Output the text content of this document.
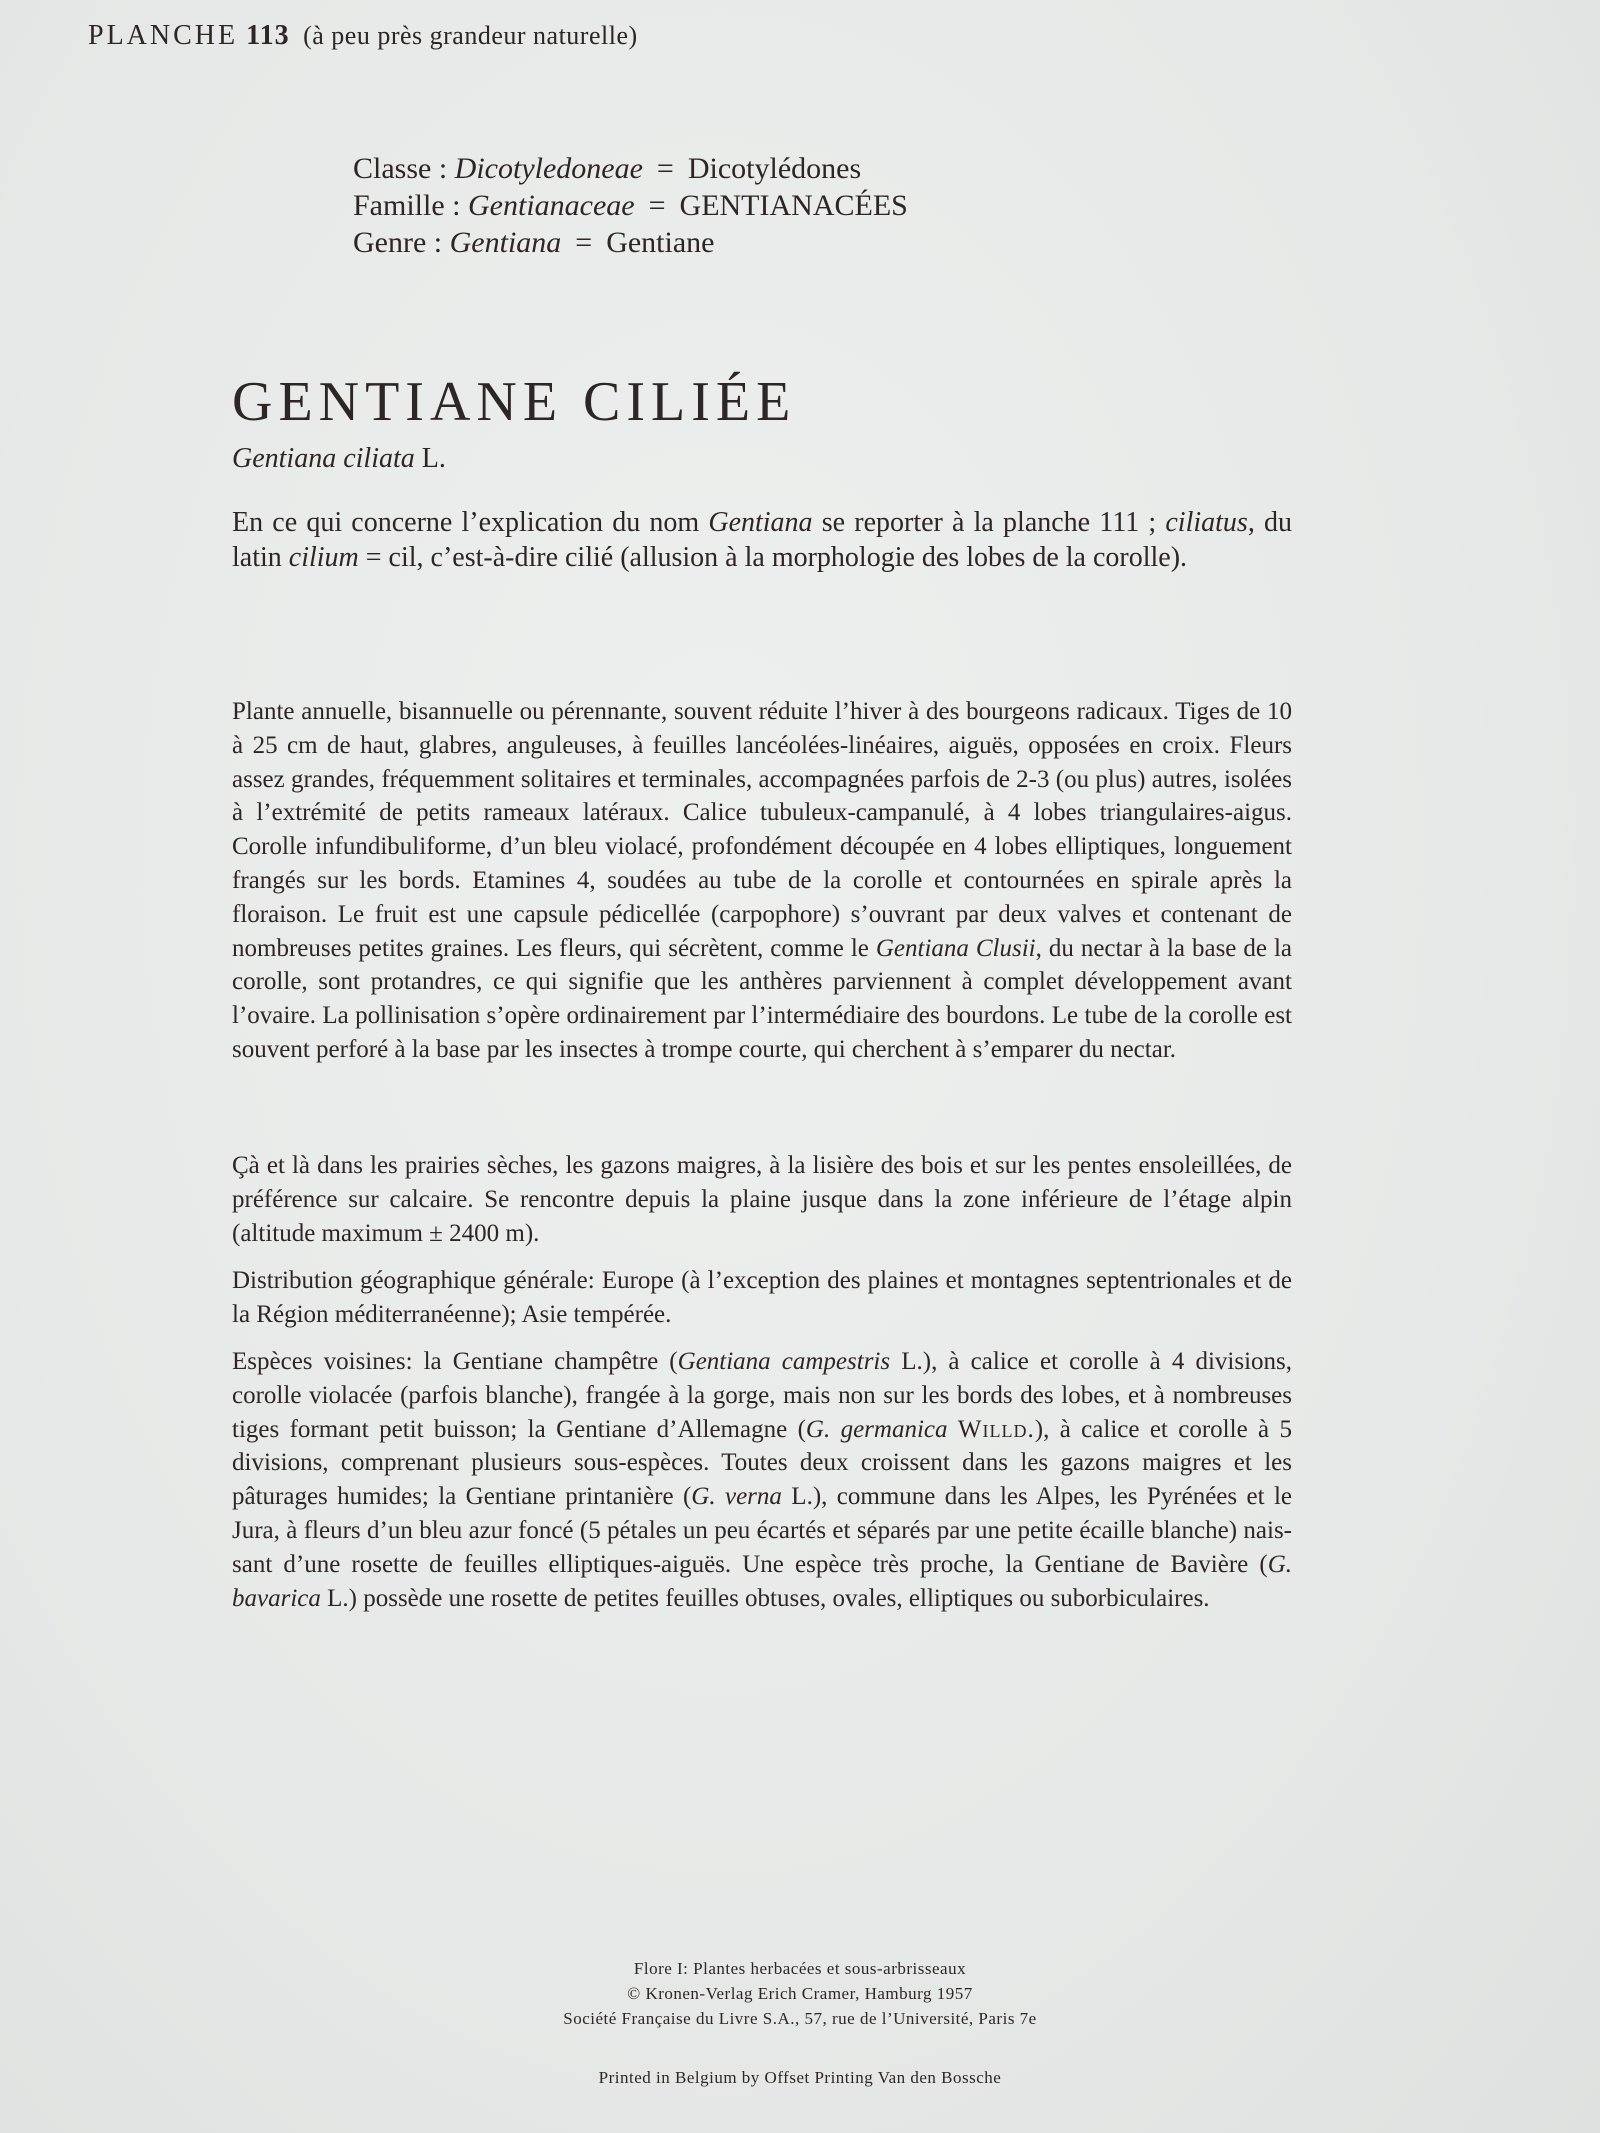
PLANCHE 113 (à peu près grandeur naturelle)
Classe : Dicotyledoneae = Dicotylédones
Famille : Gentianaceae = GENTIANACÉES
Genre : Gentiana = Gentiane
GENTIANE CILIÉE
Gentiana ciliata L.

En ce qui concerne l’explication du nom Gentiana se reporter à la planche 111 ; ciliatus, du latin cilium = cil, c’est-à-dire cilié (allusion à la morphologie des lobes de la corolle).

Plante annuelle, bisannuelle ou pérennante, souvent réduite l’hiver à des bourgeons radicaux. Tiges de 10 à 25 cm de haut, glabres, anguleuses, à feuilles lancéolées-linéaires, aiguës, opposées en croix. Fleurs assez grandes, fréquemment solitaires et terminales, accompagnées parfois de 2-3 (ou plus) autres, isolées à l’extrémité de petits rameaux latéraux. Calice tubuleux-campanulé, à 4 lobes triangulaires-aigus. Corolle infundibuliforme, d’un bleu violacé, profondément découpée en 4 lobes elliptiques, longuement frangés sur les bords. Etamines 4, soudées au tube de la corolle et contournées en spirale après la floraison. Le fruit est une capsule pédicellée (carpophore) s’ouvrant par deux valves et contenant de nombreuses petites graines. Les fleurs, qui sécrètent, comme le Gentiana Clusii, du nectar à la base de la corolle, sont protandres, ce qui signifie que les anthères parviennent à complet développement avant l’ovaire. La pollinisation s’opère ordinairement par l’intermédiaire des bourdons. Le tube de la corolle est souvent perforé à la base par les insectes à trompe courte, qui cherchent à s’emparer du nectar.

Çà et là dans les prairies sèches, les gazons maigres, à la lisière des bois et sur les pentes ensoleillées, de préférence sur calcaire. Se rencontre depuis la plaine jusque dans la zone inférieure de l’étage alpin (altitude maximum ± 2400 m).

Distribution géographique générale: Europe (à l’exception des plaines et montagnes septentrionales et de la Région méditerranéenne); Asie tempérée.

Espèces voisines: la Gentiane champêtre (Gentiana campestris L.), à calice et corolle à 4 divisions, corolle violacée (parfois blanche), frangée à la gorge, mais non sur les bords des lobes, et à nombreuses tiges formant petit buisson; la Gentiane d’Allemagne (G. germanica Willd.), à calice et corolle à 5 divisions, comprenant plusieurs sous-espèces. Toutes deux croissent dans les gazons maigres et les pâturages humides; la Gentiane printanière (G. verna L.), commune dans les Alpes, les Pyrénées et le Jura, à fleurs d’un bleu azur foncé (5 pétales un peu écartés et séparés par une petite écaille blanche) naissant d’une rosette de feuilles elliptiques-aiguës. Une espèce très proche, la Gentiane de Bavière (G. bavarica L.) possède une rosette de petites feuilles obtuses, ovales, elliptiques ou suborbiculaires.

Flore I: Plantes herbacées et sous-arbrisseaux
© Kronen-Verlag Erich Cramer, Hamburg 1957
Société Française du Livre S.A., 57, rue de l’Université, Paris 7e
Printed in Belgium by Offset Printing Van den Bossche
